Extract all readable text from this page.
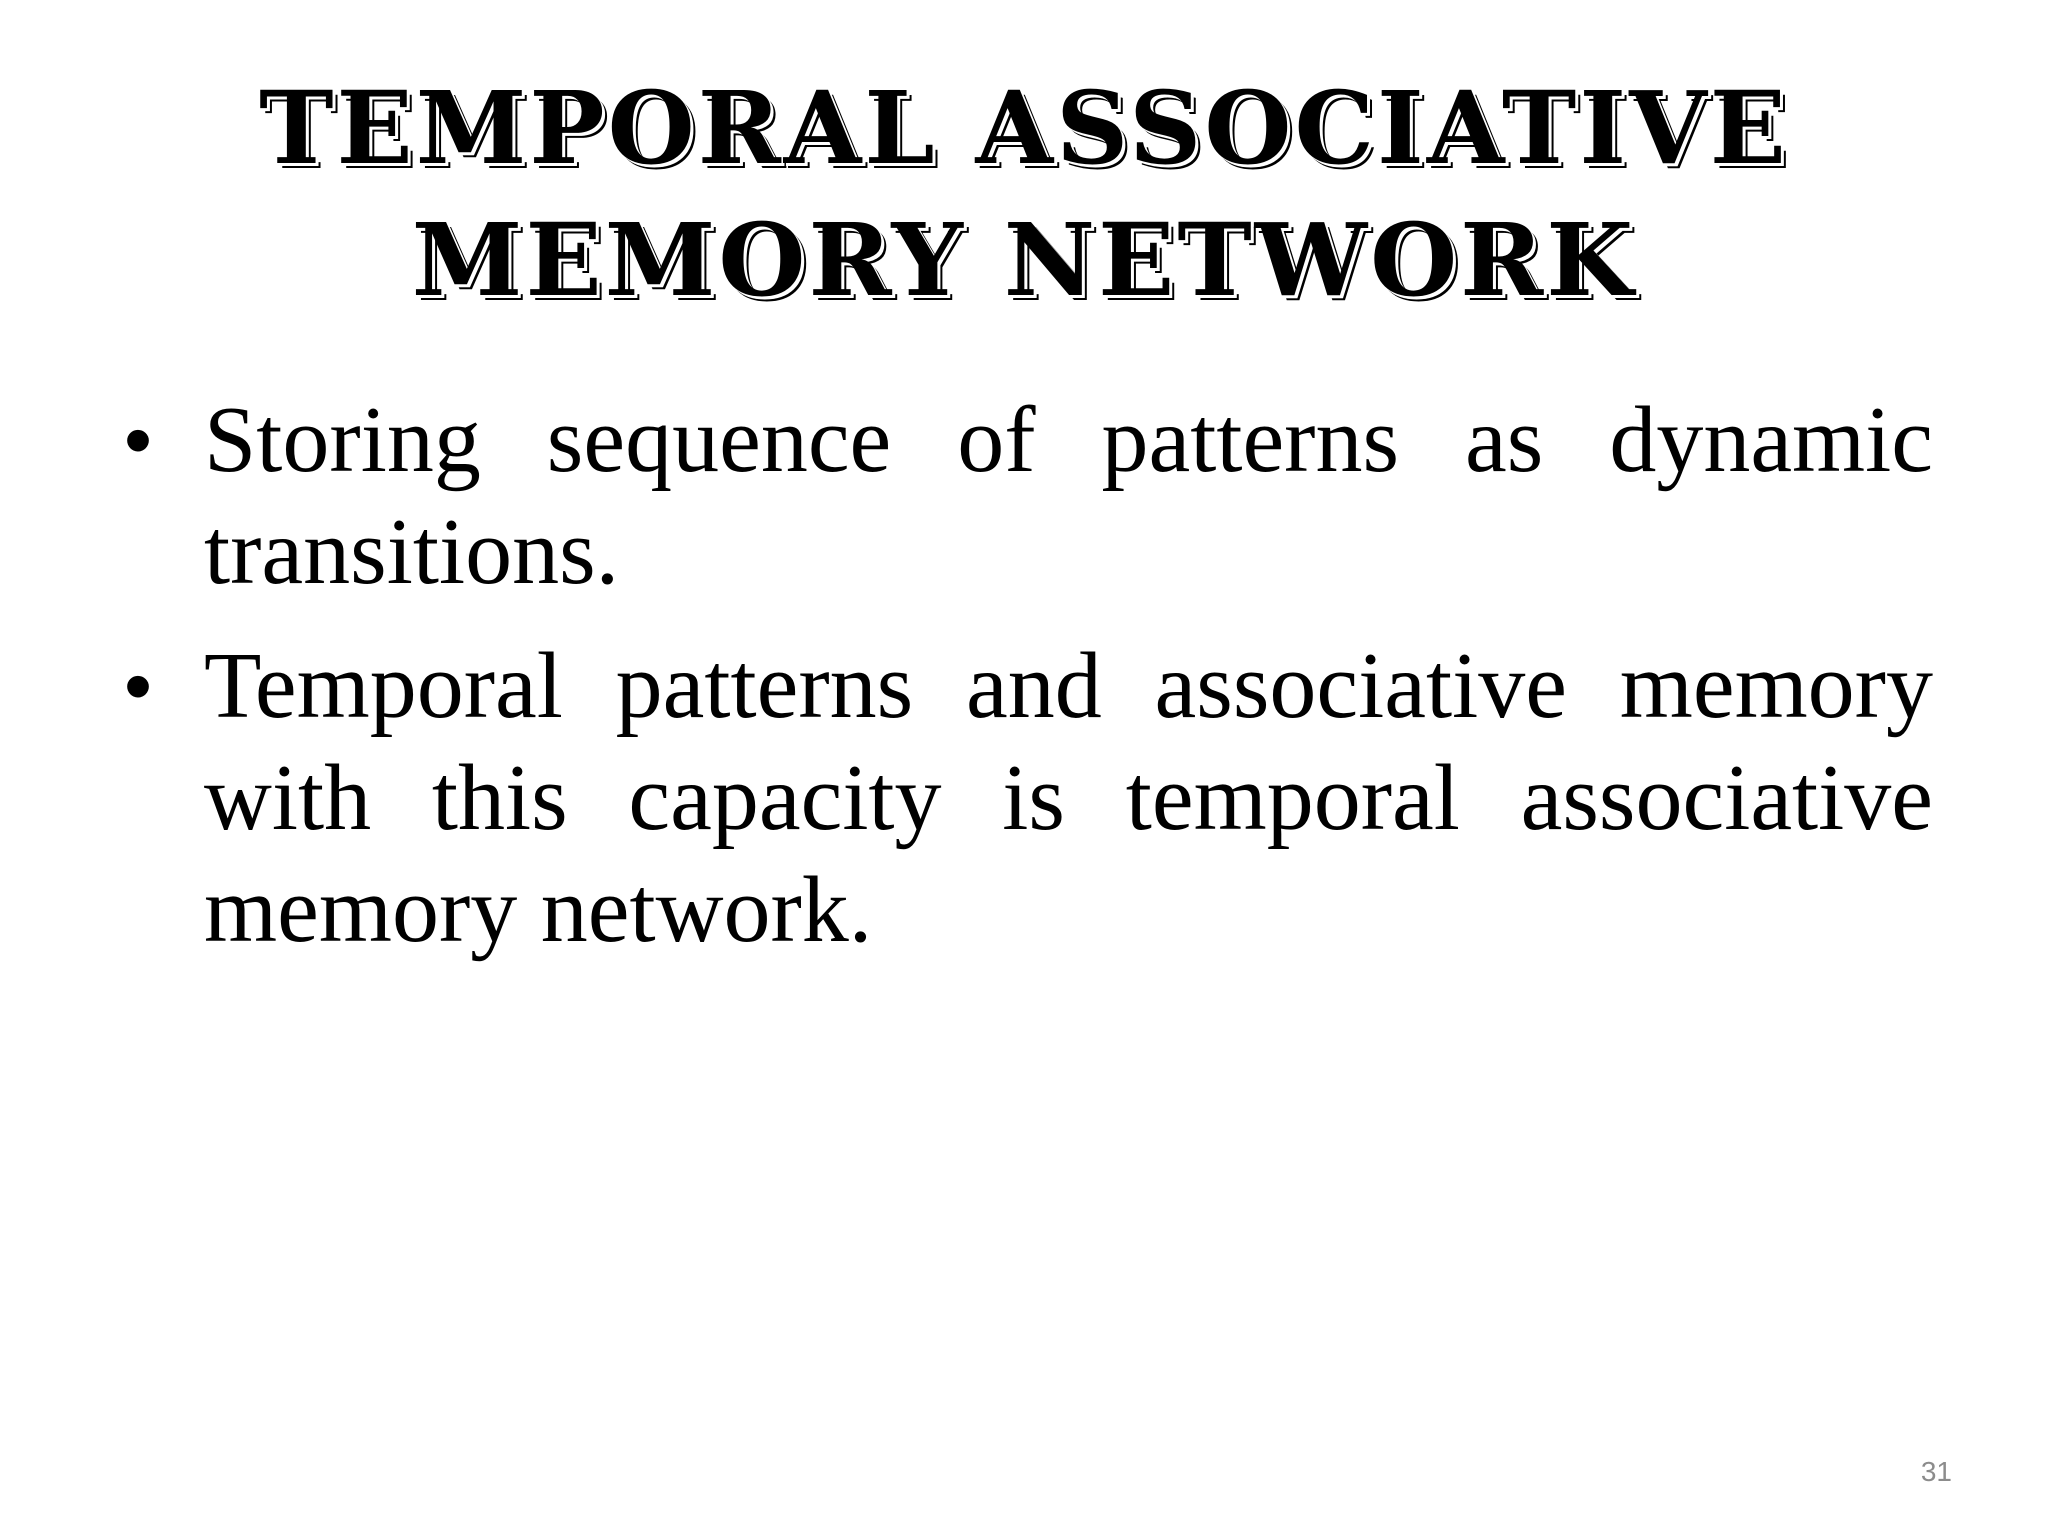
TEMPORAL ASSOCIATIVE MEMORY NETWORK
• Storing sequence of patterns as dynamic transitions.
• Temporal patterns and associative memory with this capacity is temporal associative memory network.
31
